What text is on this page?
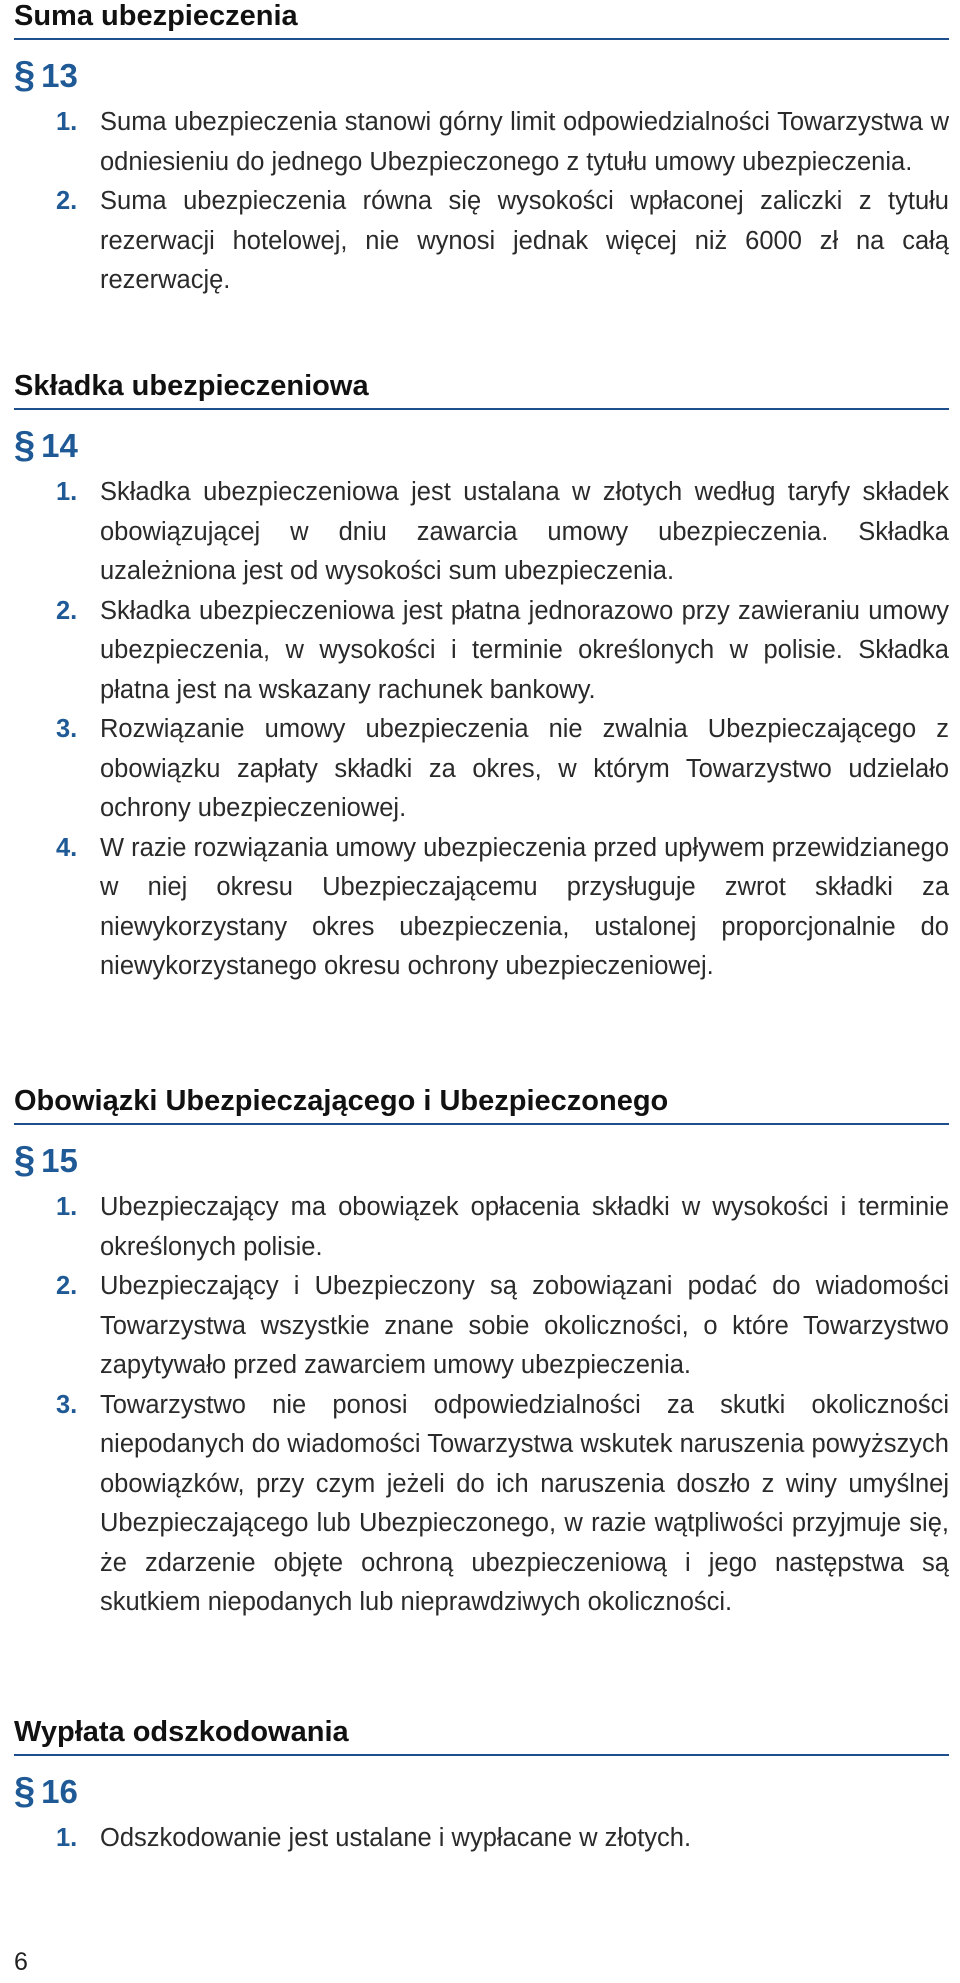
Suma ubezpieczenia
§ 13
1. Suma ubezpieczenia stanowi górny limit odpowiedzialności Towarzystwa w odniesieniu do jednego Ubezpieczonego z tytułu umowy ubezpieczenia.
2. Suma ubezpieczenia równa się wysokości wpłaconej zaliczki z tytułu rezerwacji hotelowej, nie wynosi jednak więcej niż 6000 zł na całą rezerwację.
Składka ubezpieczeniowa
§ 14
1. Składka ubezpieczeniowa jest ustalana w złotych według taryfy składek obowiązującej w dniu zawarcia umowy ubezpieczenia. Składka uzależniona jest od wysokości sum ubezpieczenia.
2. Składka ubezpieczeniowa jest płatna jednorazowo przy zawieraniu umowy ubezpieczenia, w wysokości i terminie określonych w polisie. Składka płatna jest na wskazany rachunek bankowy.
3. Rozwiązanie umowy ubezpieczenia nie zwalnia Ubezpieczającego z obowiązku zapłaty składki za okres, w którym Towarzystwo udzielało ochrony ubezpieczeniowej.
4. W razie rozwiązania umowy ubezpieczenia przed upływem przewidzianego w niej okresu Ubezpieczającemu przysługuje zwrot składki za niewykorzystany okres ubezpieczenia, ustalonej proporcjonalnie do niewykorzystanego okresu ochrony ubezpieczeniowej.
Obowiązki Ubezpieczającego i Ubezpieczonego
§ 15
1. Ubezpieczający ma obowiązek opłacenia składki w wysokości i terminie określonych polisie.
2. Ubezpieczający i Ubezpieczony są zobowiązani podać do wiadomości Towarzystwa wszystkie znane sobie okoliczności, o które Towarzystwo zapytywało przed zawarciem umowy ubezpieczenia.
3. Towarzystwo nie ponosi odpowiedzialności za skutki okoliczności niepodanych do wiadomości Towarzystwa wskutek naruszenia powyższych obowiązków, przy czym jeżeli do ich naruszenia doszło z winy umyślnej Ubezpieczającego lub Ubezpieczonego, w razie wątpliwości przyjmuje się, że zdarzenie objęte ochroną ubezpieczeniową i jego następstwa są skutkiem niepodanych lub nieprawdziwych okoliczności.
Wypłata odszkodowania
§ 16
1. Odszkodowanie jest ustalane i wypłacane w złotych.
6
